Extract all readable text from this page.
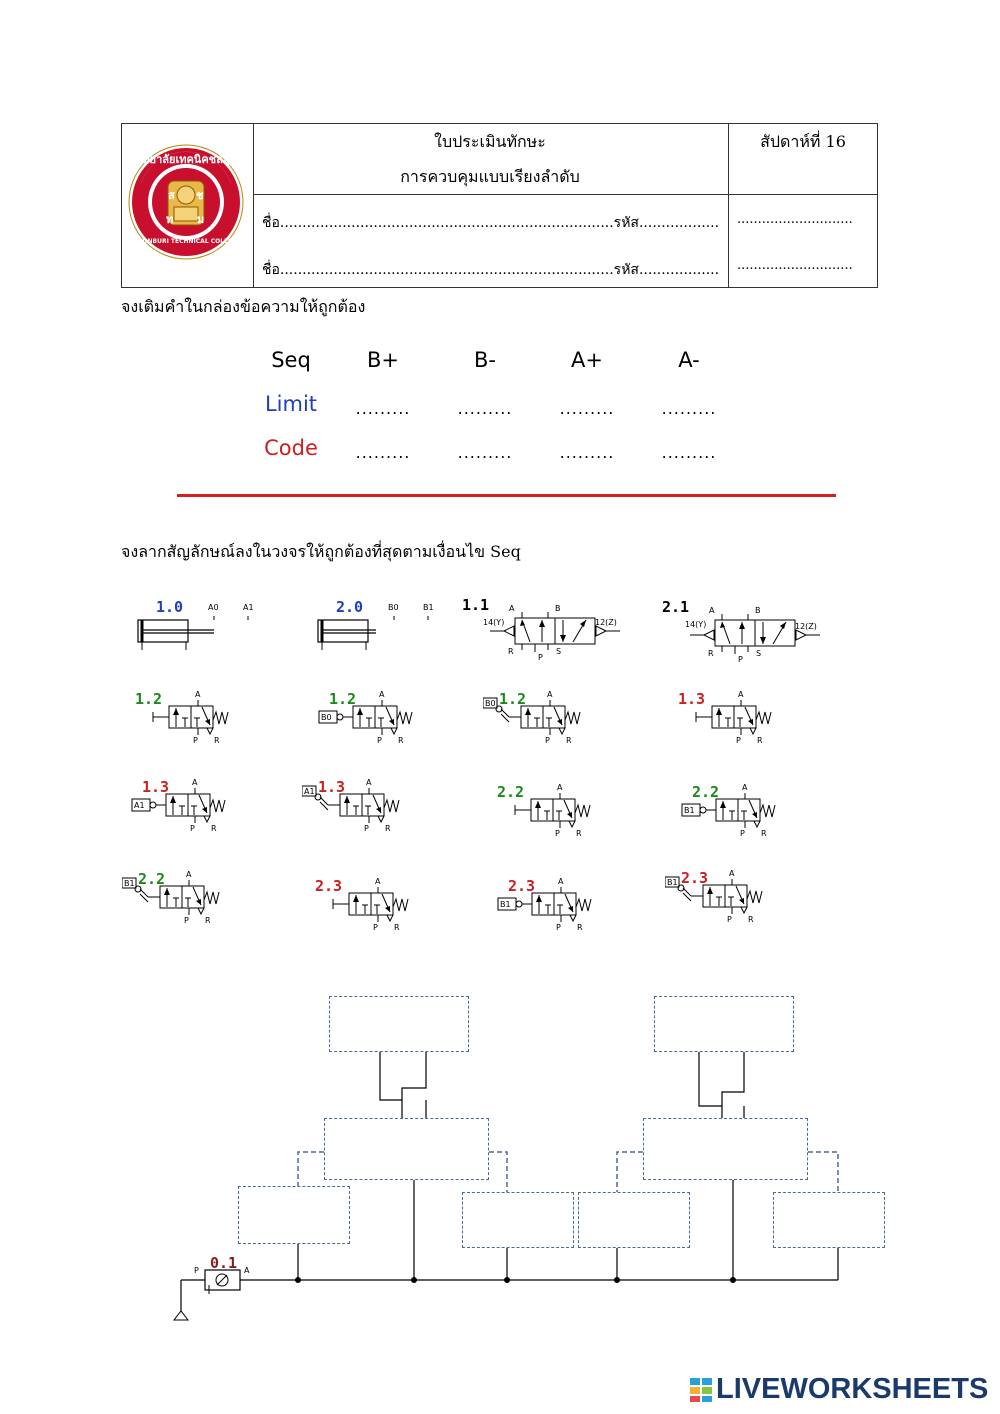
ส ช
ท ม
วิทยาลัยเทคนิคชลบุรี
CHONBURI TECHNICAL COLLEGE
ใบประเมินทักษะ
การควบคุมแบบเรียงลำดับ
สัปดาห์ที่ 16
ชื่อ...........................................................................รหัส..................
ชื่อ...........................................................................รหัส..................
............................
............................
จงเติมคำในกล่องข้อความให้ถูกต้อง
Seq	B+	B-	A+	A-
Limit	.........	.........	.........	.........
Code	.........	.........	.........	.........
จงลากสัญลักษณ์ลงในวงจรให้ถูกต้องที่สุดตามเงื่อนไข Seq
1.0	A0	A1	2.0	B0	B1 1.1 A	B
14(Y)	12(Z)
R
P
S
2.1 A	B
14(Y)	12(Z)
R
P
S
1.2	A
P R
1.2
B0
A
P R
1.2
B0
A
P R
1.3	A
P R
1.3
A1
A
P R
1.3
A1
A
P R
2.2	A
P R
2.2
B1
A
P R
2.2
B1
A
P R
2.3	A
P R
2.3
B1
A
P R
2.3
B1
A
P R
0.1
P	A
LIVEWORKSHEETS
